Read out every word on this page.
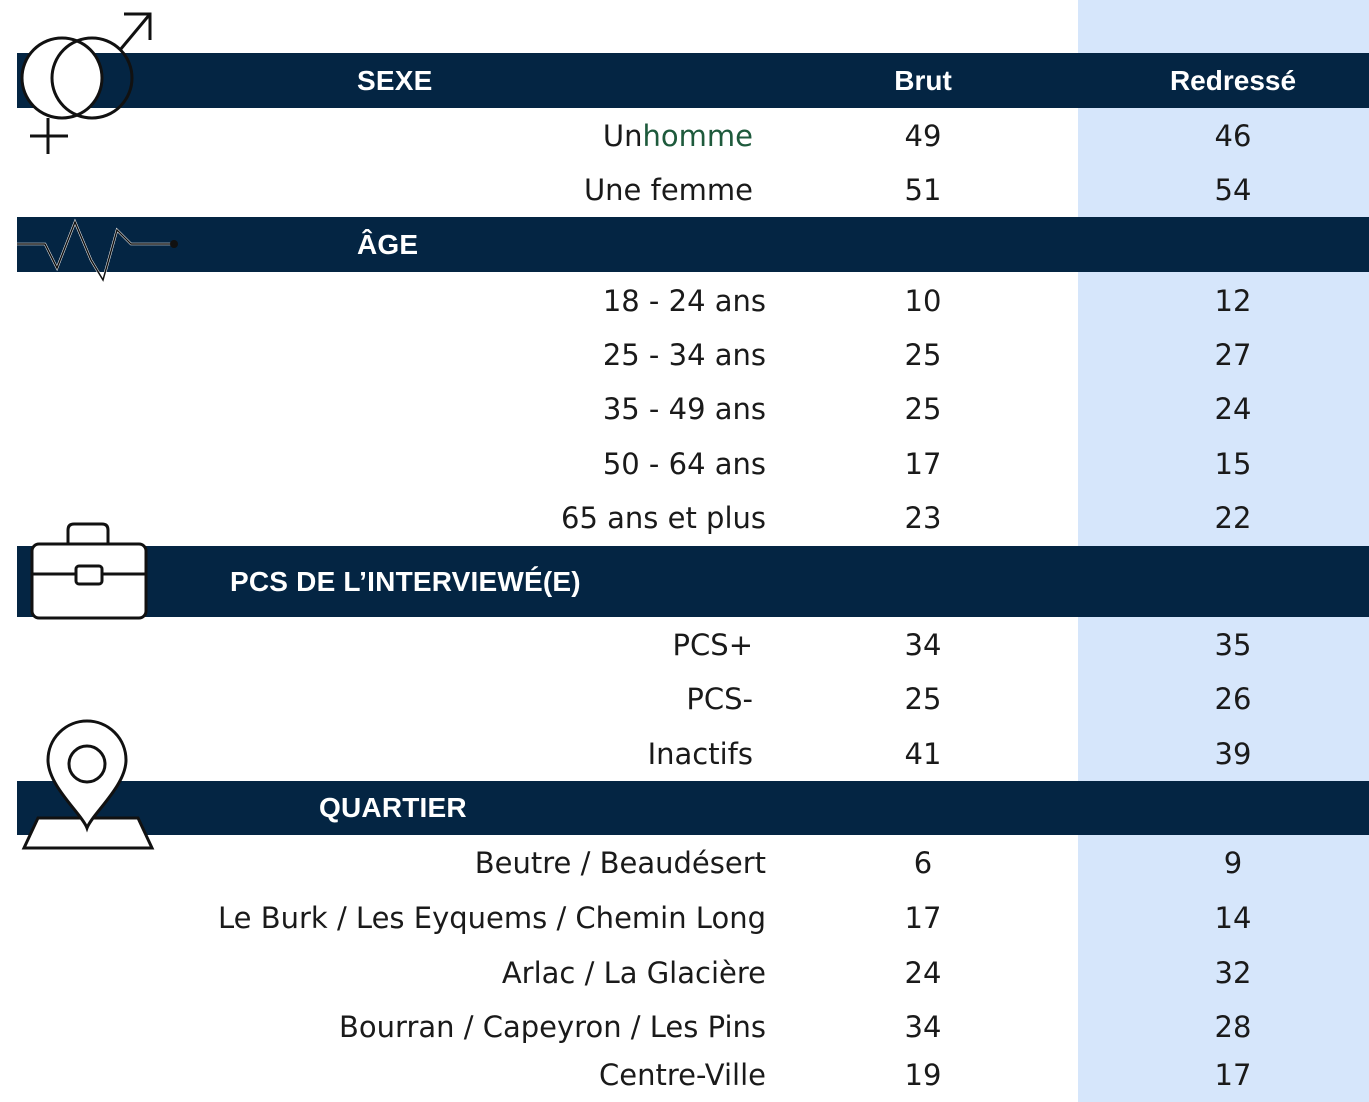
SEXE	Brut	Redressé
Un homme	49	46
Une femme	51	54
ÂGE
18 - 24 ans	10	12
25 - 34 ans	25	27
35 - 49 ans	25	24
50 - 64 ans	17	15
65 ans et plus	23	22
PCS DE L’INTERVIEWÉ(E)
PCS+	34	35
PCS-	25	26
Inactifs	41	39
QUARTIER
Beutre / Beaudésert	6	9
Le Burk / Les Eyquems / Chemin Long	17	14
Arlac / La Glacière	24	32
Bourran / Capeyron / Les Pins	34	28
Centre-Ville	19	17
